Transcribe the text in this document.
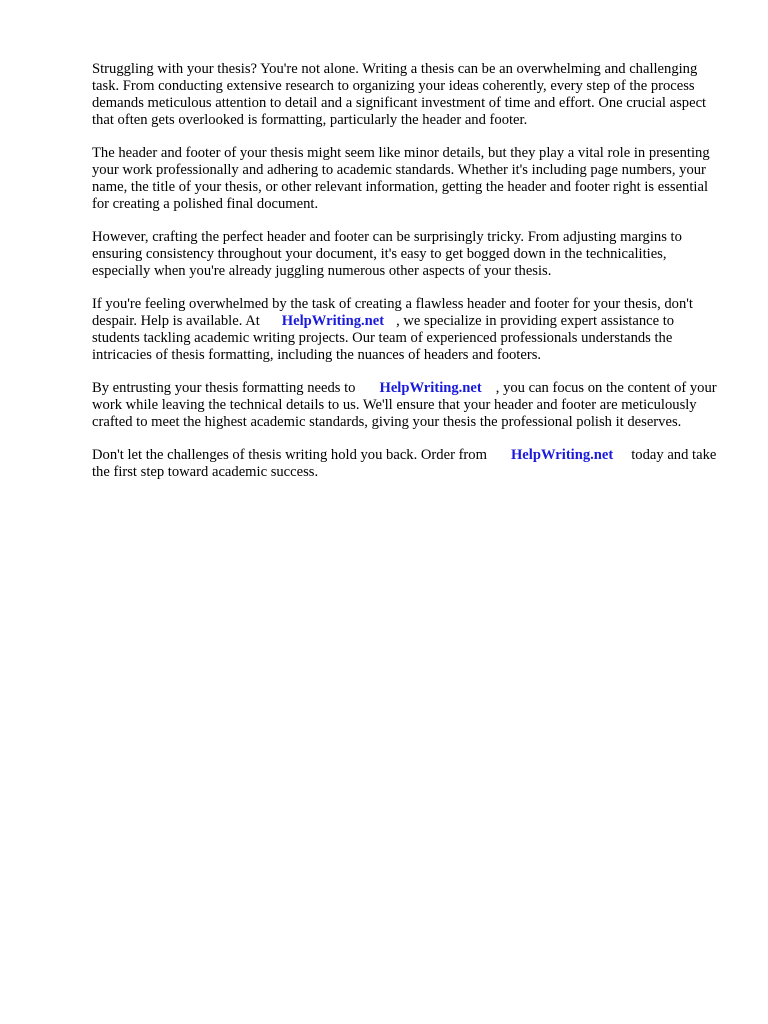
Struggling with your thesis? You're not alone. Writing a thesis can be an overwhelming and challenging task. From conducting extensive research to organizing your ideas coherently, every step of the process demands meticulous attention to detail and a significant investment of time and effort. One crucial aspect that often gets overlooked is formatting, particularly the header and footer.

The header and footer of your thesis might seem like minor details, but they play a vital role in presenting your work professionally and adhering to academic standards. Whether it's including page numbers, your name, the title of your thesis, or other relevant information, getting the header and footer right is essential for creating a polished final document.

However, crafting the perfect header and footer can be surprisingly tricky. From adjusting margins to ensuring consistency throughout your document, it's easy to get bogged down in the technicalities, especially when you're already juggling numerous other aspects of your thesis.

If you're feeling overwhelmed by the task of creating a flawless header and footer for your thesis, don't despair. Help is available. At HelpWriting.net , we specialize in providing expert assistance to students tackling academic writing projects. Our team of experienced professionals understands the intricacies of thesis formatting, including the nuances of headers and footers.

By entrusting your thesis formatting needs to HelpWriting.net , you can focus on the content of your work while leaving the technical details to us. We'll ensure that your header and footer are meticulously crafted to meet the highest academic standards, giving your thesis the professional polish it deserves.

Don't let the challenges of thesis writing hold you back. Order from HelpWriting.net today and take the first step toward academic success.
